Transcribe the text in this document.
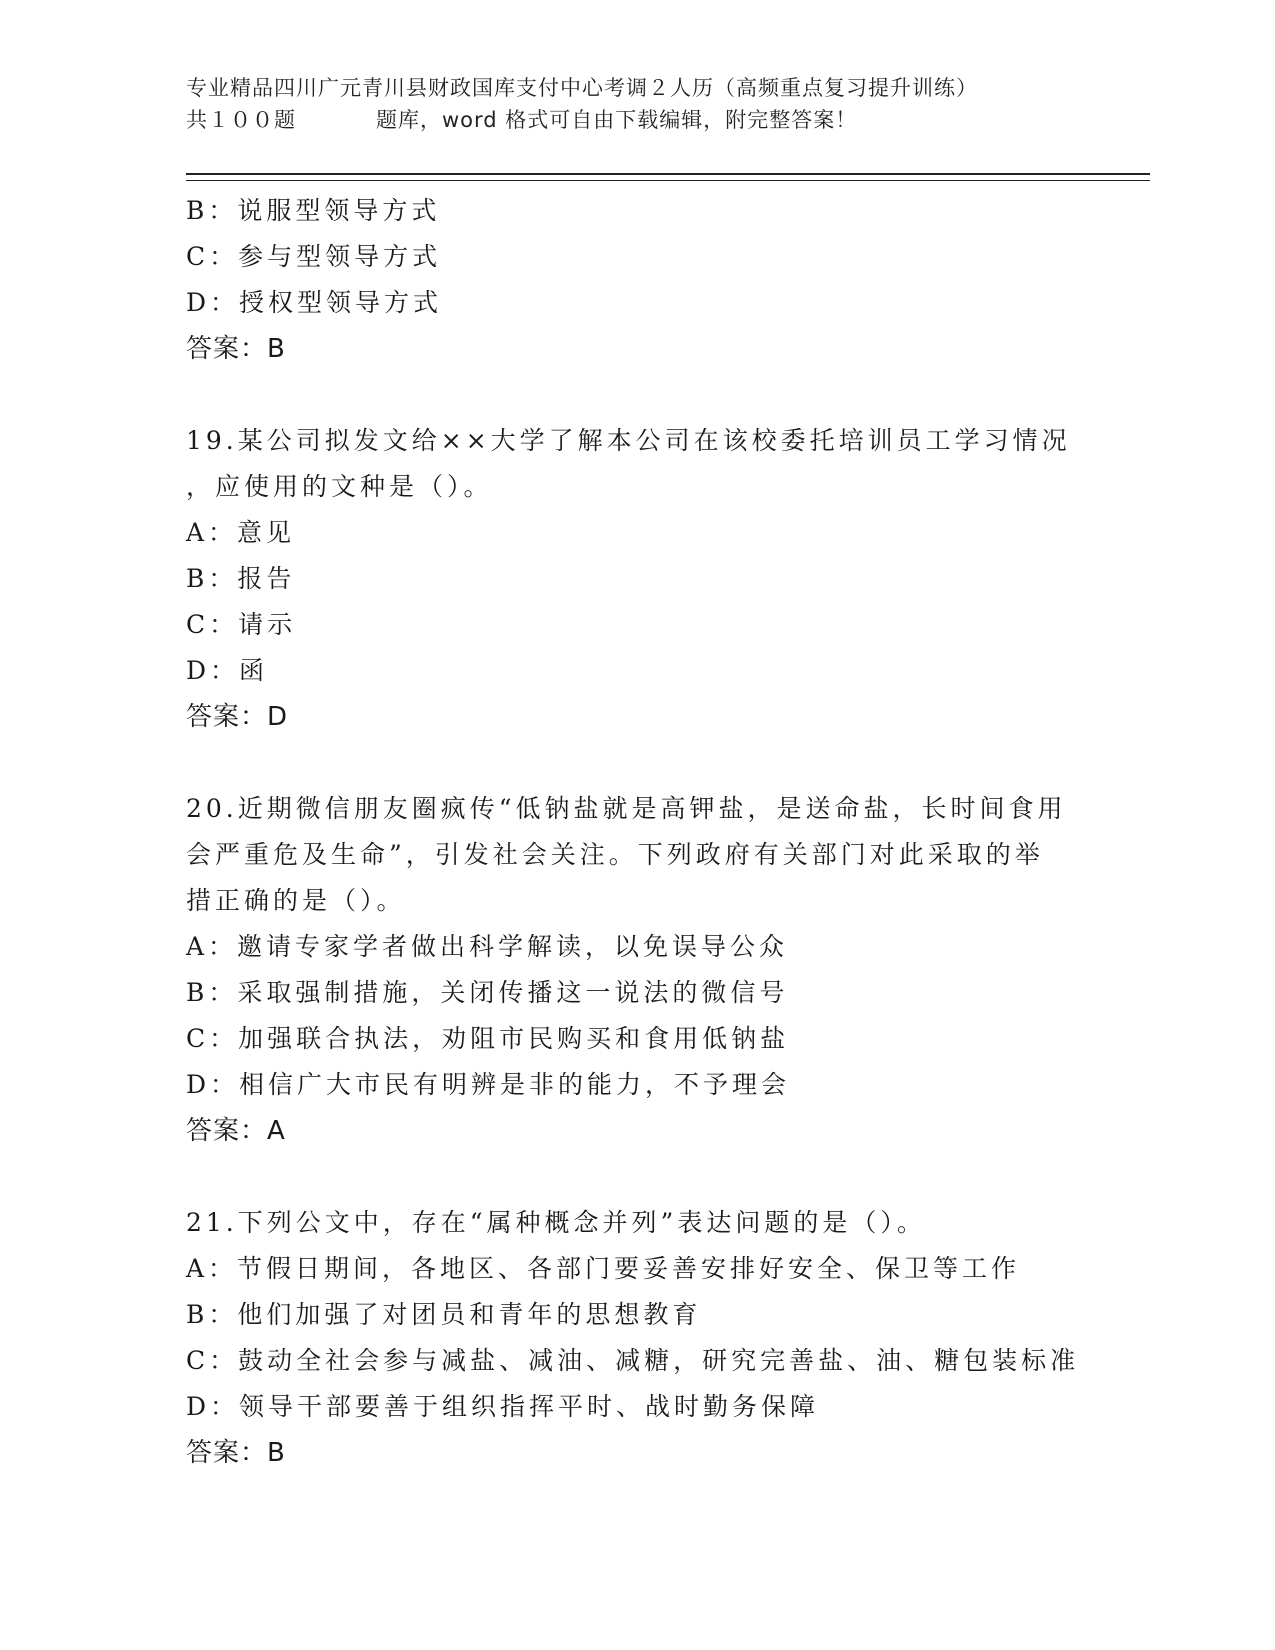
专业精品四川广元青川县财政国库支付中心考调２人历（高频重点复习提升训练）
共１００题	题库，word 格式可自由下载编辑，附完整答案！
B：说服型领导方式
C：参与型领导方式
D：授权型领导方式
答案：B
19.某公司拟发文给××大学了解本公司在该校委托培训员工学习情况
，应使用的文种是（）。
A：意见
B：报告
C：请示
D：函
答案：D
20.近期微信朋友圈疯传“低钠盐就是高钾盐，是送命盐，长时间食用
会严重危及生命”，引发社会关注。下列政府有关部门对此采取的举
措正确的是（）。
A：邀请专家学者做出科学解读，以免误导公众
B：采取强制措施，关闭传播这一说法的微信号
C：加强联合执法，劝阻市民购买和食用低钠盐
D：相信广大市民有明辨是非的能力，不予理会
答案：A
21.下列公文中，存在“属种概念并列”表达问题的是（）。
A：节假日期间，各地区、各部门要妥善安排好安全、保卫等工作
B：他们加强了对团员和青年的思想教育
C：鼓动全社会参与减盐、减油、减糖，研究完善盐、油、糖包装标准
D：领导干部要善于组织指挥平时、战时勤务保障
答案：B
